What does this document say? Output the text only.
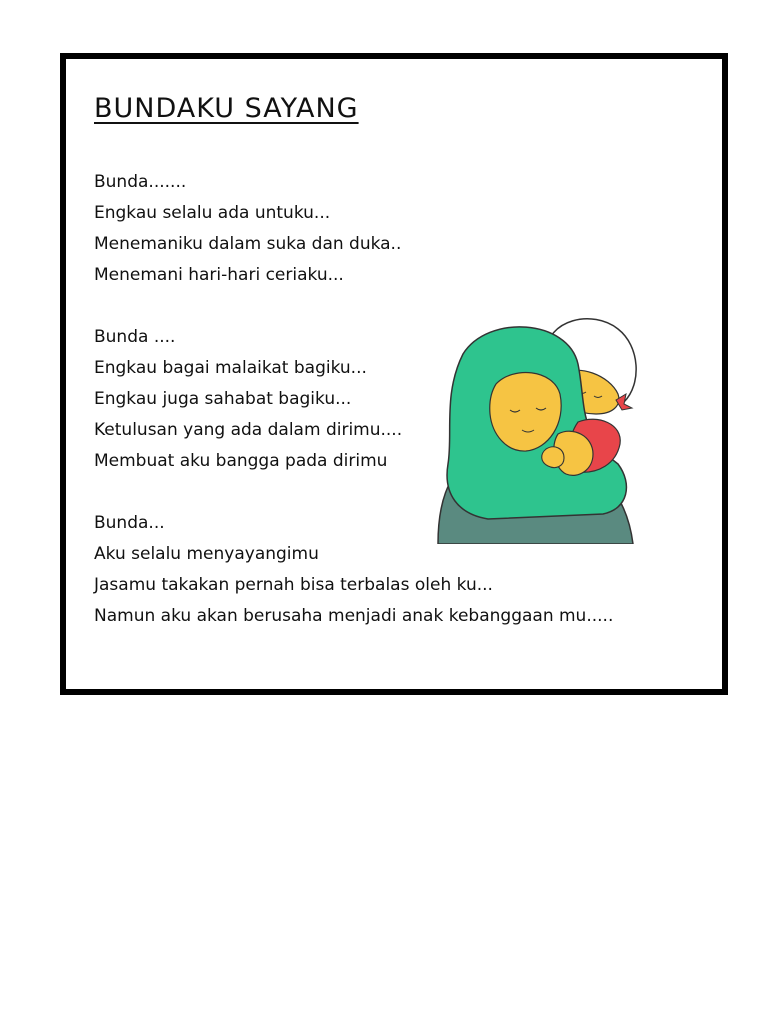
BUNDAKU SAYANG
Bunda.......
Engkau selalu ada untuku...
Menemaniku dalam suka dan duka..
Menemani hari-hari ceriaku...
Bunda ....
Engkau bagai malaikat bagiku...
Engkau juga sahabat bagiku...
Ketulusan yang ada dalam dirimu....
Membuat aku bangga pada dirimu
Bunda...
Aku selalu menyayangimu
Jasamu takakan pernah bisa terbalas oleh ku...
Namun aku akan berusaha menjadi anak kebanggaan mu.....
